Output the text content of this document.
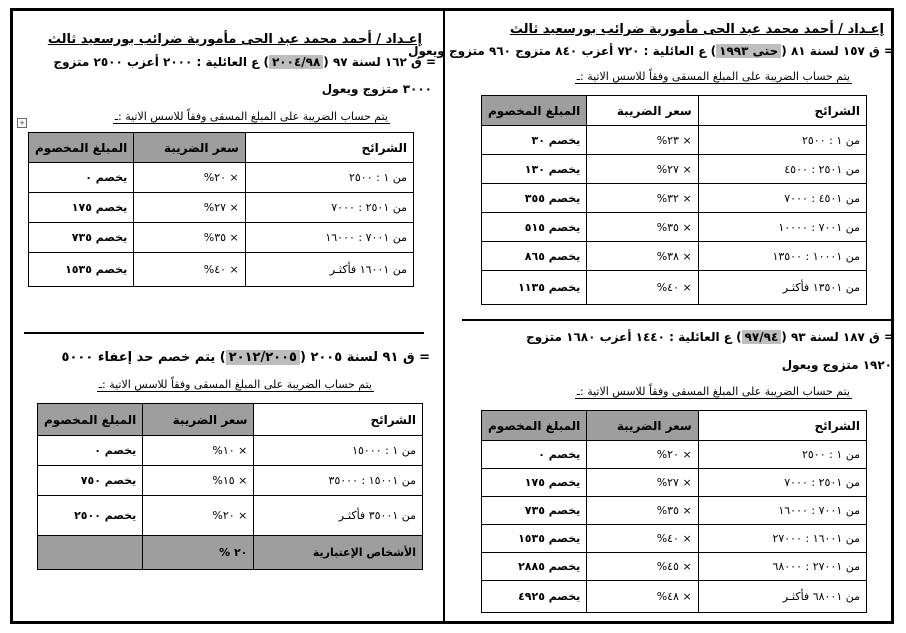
إعـداد / أحمد محمد عبد الحى مأمورية ضرائب بورسعيد ثالث
= ق ١٥٧ لسنة ٨١ (حتى ١٩٩٣) ع العائلية : ٧٢٠ أعزب ٨٤٠ متزوج ٩٦٠ متزوج ويعول
يتم حساب الضريبة على المبلغ المسقى وفقاً للاسس الاتية :ـ
الشرائح	سعر الضريبة	المبلغ المخصوم
من ١ : ٢٥٠٠	× ٢٣%	يخصم ٣٠
من ٢٥٠١ : ٤٥٠٠	× ٢٧%	يخصم ١٣٠
من ٤٥٠١ : ٧٠٠٠	× ٣٢%	يخصم ٣٥٥
من ٧٠٠١ : ١٠٠٠٠	× ٣٥%	يخصم ٥١٥
من ١٠٠٠١ : ١٣٥٠٠	× ٣٨%	يخصم ٨٦٥
من ١٣٥٠١ فأكثـر	× ٤٠%	يخصم ١١٣٥
= ق ١٨٧ لسنة ٩٣ (٩٧/٩٤) ع العائلية : ١٤٤٠ أعزب ١٦٨٠ متزوج
١٩٢٠ متزوج ويعول
يتم حساب الضريبة على المبلغ المسقى وفقاً للاسس الاتية :ـ
الشرائح	سعر الضريبة	المبلغ المخصوم
من ١ : ٢٥٠٠	× ٢٠%	يخصم ٠
من ٢٥٠١ : ٧٠٠٠	× ٢٧%	يخصم ١٧٥
من ٧٠٠١ : ١٦٠٠٠	× ٣٥%	يخصم ٧٣٥
من ١٦٠٠١ : ٢٧٠٠٠	× ٤٠%	يخصم ١٥٣٥
من ٢٧٠٠١ : ٦٨٠٠٠	× ٤٥%	يخصم ٢٨٨٥
من ٦٨٠٠١ فأكثـر	× ٤٨%	يخصم ٤٩٢٥
إعـداد / أحمد محمد عبد الحى مأمورية ضرائب بورسعيد ثالث
= ق ١٦٢ لسنة ٩٧ (٢٠٠٤/٩٨) ع العائلية : ٢٠٠٠ أعزب ٢٥٠٠ متزوج
٣٠٠٠ متزوج ويعول
يتم حساب الضريبة على المبلغ المسقى وفقاً للاسس الاتية :ـ
+
الشرائح	سعر الضريبة	المبلغ المخصوم
من ١ : ٢٥٠٠	× ٢٠%	يخصم ٠
من ٢٥٠١ : ٧٠٠٠	× ٢٧%	يخصم ١٧٥
من ٧٠٠١ : ١٦٠٠٠	× ٣٥%	يخصم ٧٣٥
من ١٦٠٠١ فأكثـر	× ٤٠%	يخصم ١٥٣٥
= ق ٩١ لسنة ٢٠٠٥ (٢٠١٢/٢٠٠٥) يتم خصم حد إعفاء ٥٠٠٠
يتم حساب الضريبة على المبلغ المسقى وفقاً للاسس الاتية :ـ
الشرائح	سعر الضريبة	المبلغ المخصوم
من ١ : ١٥٠٠٠	× ١٠%	يخصم ٠
من ١٥٠٠١ : ٣٥٠٠٠	× ١٥%	يخصم ٧٥٠
من ٣٥٠٠١ فأكثـر	× ٢٠%	يخصم ٢٥٠٠
الأشخاص الإعتبارية	٢٠ %	
